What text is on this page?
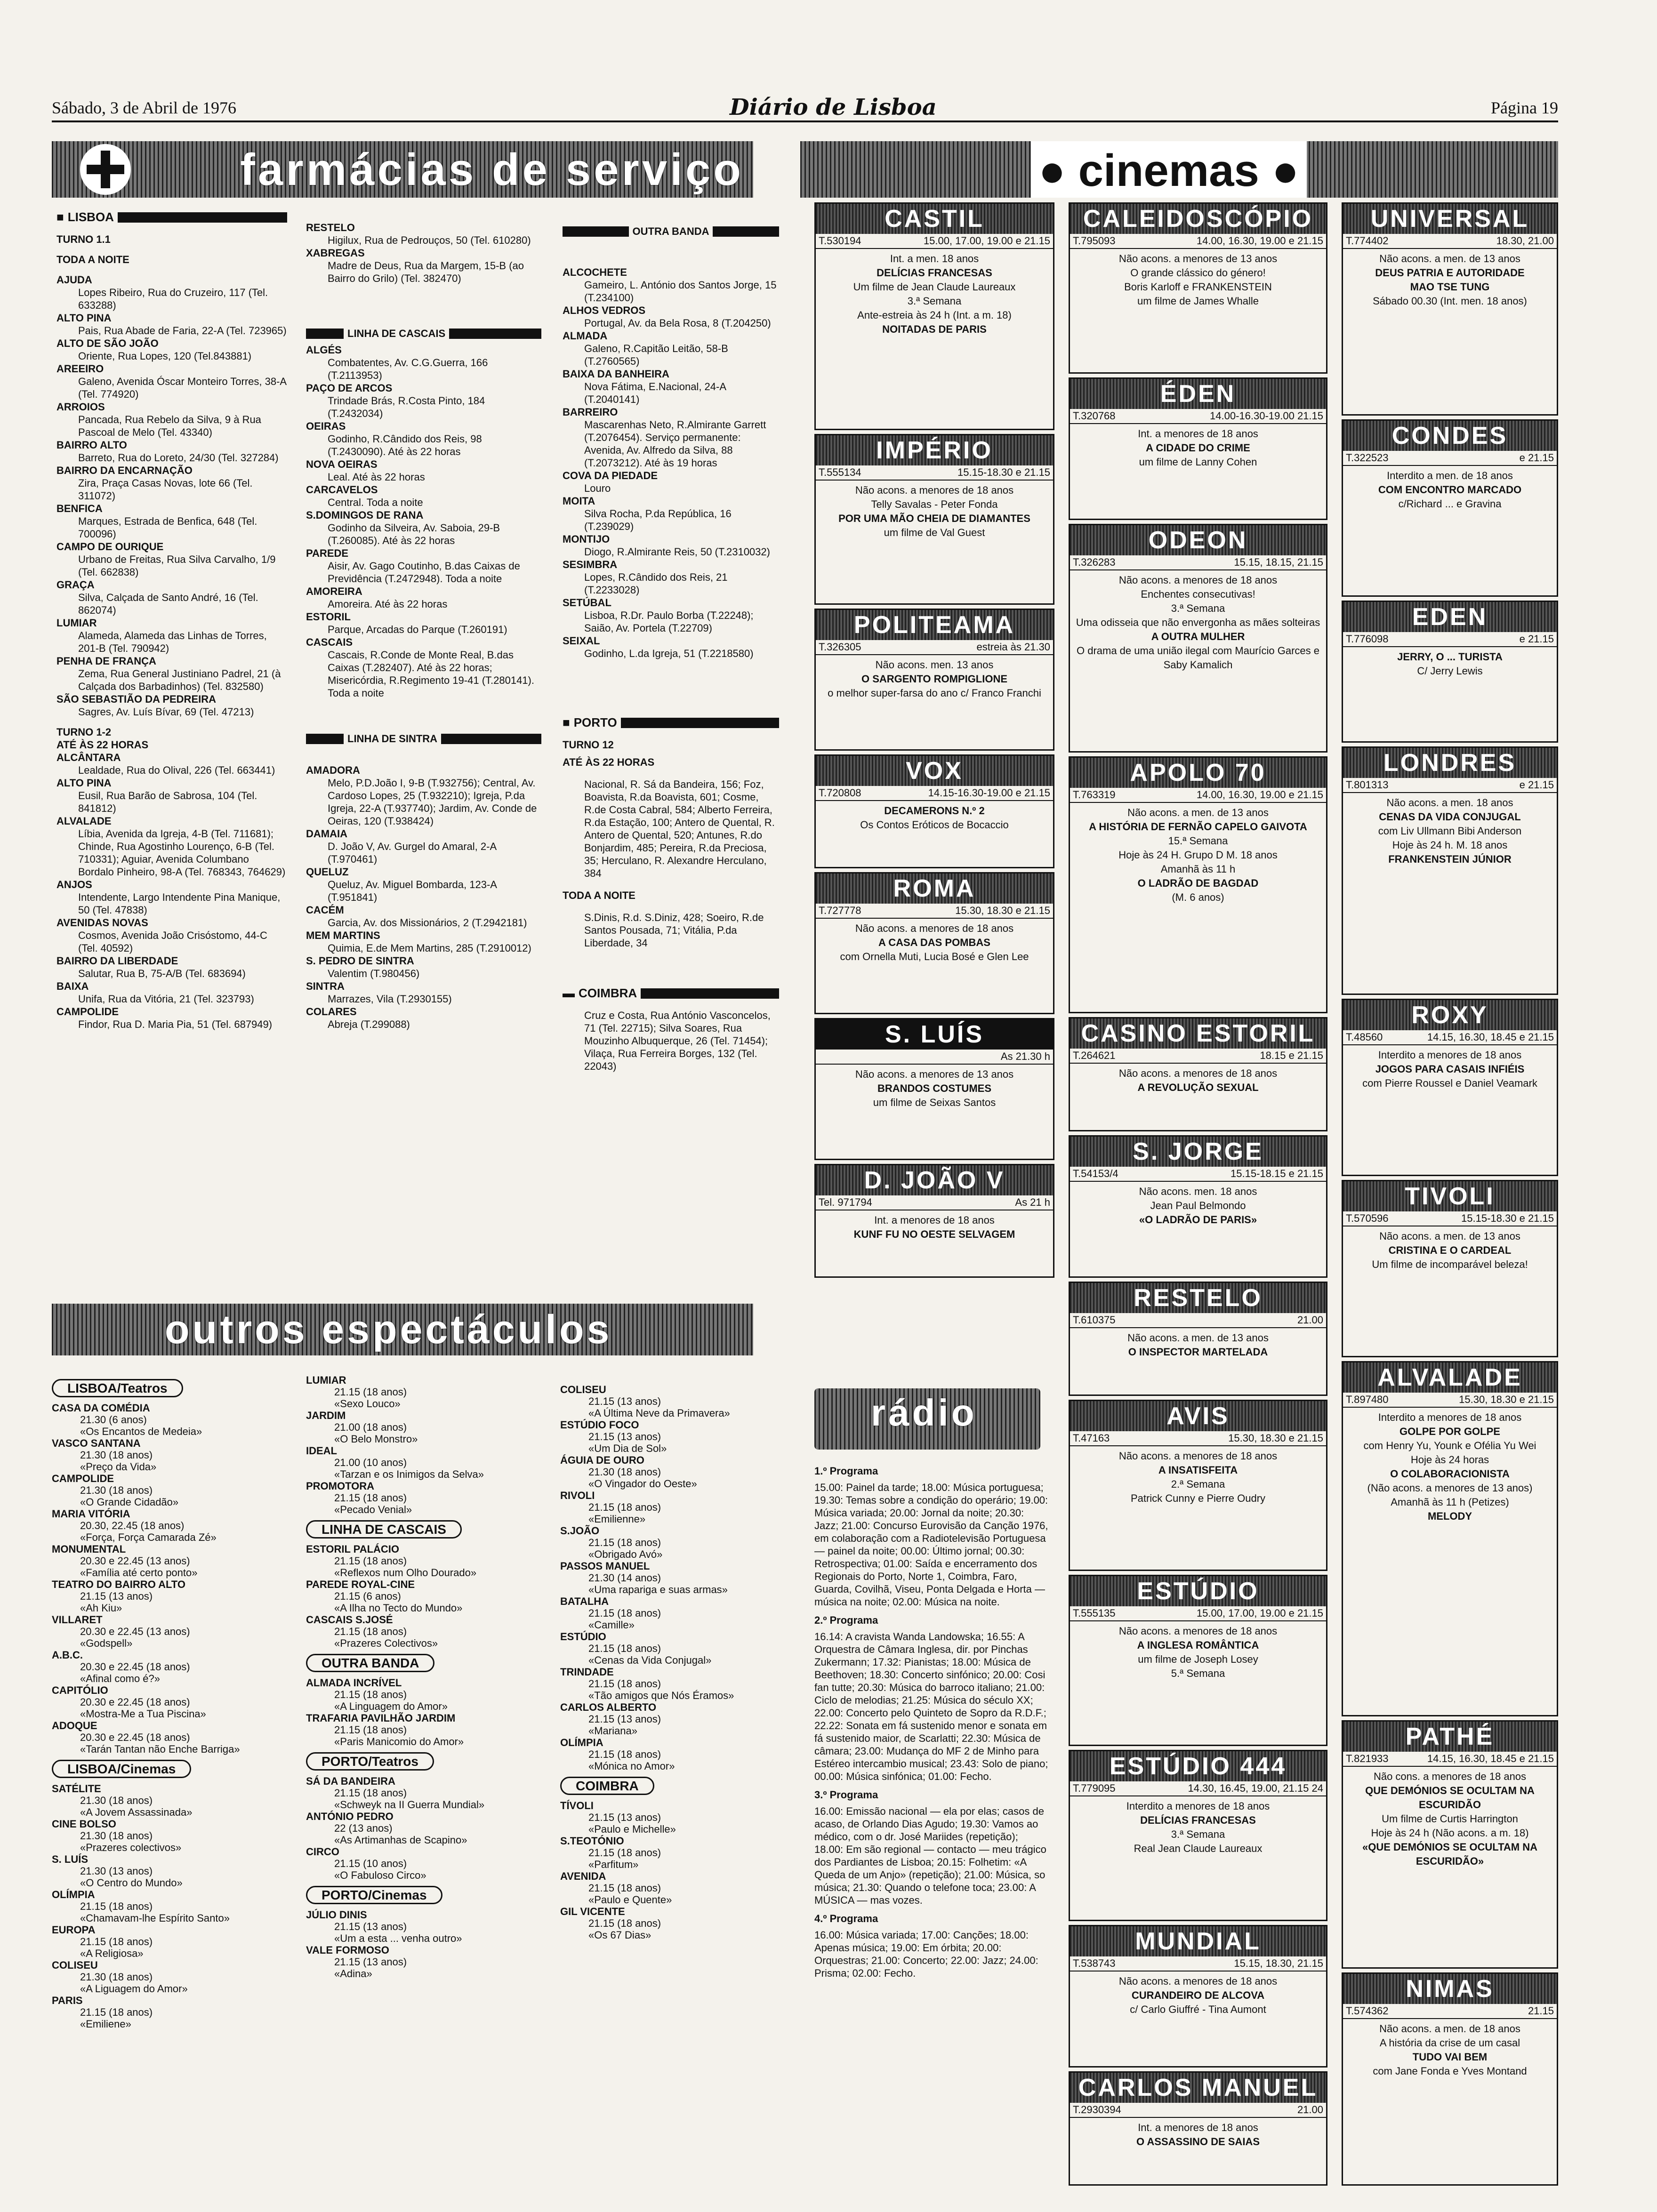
Sábado, 3 de Abril de 1976	Diário de Lisboa	Página 19
farmácias de serviço	● cinemas ●
■ LISBOA

TURNO 1.1

TODA A NOITE

AJUDA

Lopes Ribeiro, Rua do Cruzeiro, 117 (Tel. 633288)

ALTO PINA

Pais, Rua Abade de Faria, 22-A (Tel. 723965)

ALTO DE SÃO JOÃO

Oriente, Rua Lopes, 120 (Tel.843881)

AREEIRO

Galeno, Avenida Óscar Monteiro Torres, 38-A (Tel. 774920)

ARROIOS

Pancada, Rua Rebelo da Silva, 9 à Rua Pascoal de Melo (Tel. 43340)

BAIRRO ALTO

Barreto, Rua do Loreto, 24/30 (Tel. 327284)

BAIRRO DA ENCARNAÇÃO

Zira, Praça Casas Novas, lote 66 (Tel. 311072)

BENFICA

Marques, Estrada de Benfica, 648 (Tel. 700096)

CAMPO DE OURIQUE

Urbano de Freitas, Rua Silva Carvalho, 1/9 (Tel. 662838)

GRAÇA

Silva, Calçada de Santo André, 16 (Tel. 862074)

LUMIAR

Alameda, Alameda das Linhas de Torres, 201-B (Tel. 790942)

PENHA DE FRANÇA

Zema, Rua General Justiniano Padrel, 21 (à Calçada dos Barbadinhos) (Tel. 832580)

SÃO SEBASTIÃO DA PEDREIRA

Sagres, Av. Luís Bívar, 69 (Tel. 47213)

TURNO 1-2

ATÉ ÀS 22 HORAS

ALCÂNTARA

Lealdade, Rua do Olival, 226 (Tel. 663441)

ALTO PINA

Eusil, Rua Barão de Sabrosa, 104 (Tel. 841812)

ALVALADE

Líbia, Avenida da Igreja, 4-B (Tel. 711681); Chinde, Rua Agostinho Lourenço, 6-B (Tel. 710331); Aguiar, Avenida Columbano Bordalo Pinheiro, 98-A (Tel. 768343, 764629)

ANJOS

Intendente, Largo Intendente Pina Manique, 50 (Tel. 47838)

AVENIDAS NOVAS

Cosmos, Avenida João Crisóstomo, 44-C (Tel. 40592)

BAIRRO DA LIBERDADE

Salutar, Rua B, 75-A/B (Tel. 683694)

BAIXA

Unifa, Rua da Vitória, 21 (Tel. 323793)

CAMPOLIDE

Findor, Rua D. Maria Pia, 51 (Tel. 687949)

RESTELO

Higilux, Rua de Pedrouços, 50 (Tel. 610280)

XABREGAS

Madre de Deus, Rua da Margem, 15-B (ao Bairro do Grilo) (Tel. 382470)

LINHA DE CASCAIS

ALGÉS

Combatentes, Av. C.G.Guerra, 166 (T.2113953)

PAÇO DE ARCOS

Trindade Brás, R.Costa Pinto, 184 (T.2432034)

OEIRAS

Godinho, R.Cândido dos Reis, 98 (T.2430090). Até às 22 horas

NOVA OEIRAS

Leal. Até às 22 horas

CARCAVELOS

Central. Toda a noite

S.DOMINGOS DE RANA

Godinho da Silveira, Av. Saboia, 29-B (T.260085). Até às 22 horas

PAREDE

Aisir, Av. Gago Coutinho, B.das Caixas de Previdência (T.2472948). Toda a noite

AMOREIRA

Amoreira. Até às 22 horas

ESTORIL

Parque, Arcadas do Parque (T.260191)

CASCAIS

Cascais, R.Conde de Monte Real, B.das Caixas (T.282407). Até às 22 horas; Misericórdia, R.Regimento 19-41 (T.280141). Toda a noite

LINHA DE SINTRA

AMADORA

Melo, P.D.João I, 9-B (T.932756); Central, Av. Cardoso Lopes, 25 (T.932210); Igreja, P.da Igreja, 22-A (T.937740); Jardim, Av. Conde de Oeiras, 120 (T.938424)

DAMAIA

D. João V, Av. Gurgel do Amaral, 2-A (T.970461)

QUELUZ

Queluz, Av. Miguel Bombarda, 123-A (T.951841)

CACÉM

Garcia, Av. dos Missionários, 2 (T.2942181)

MEM MARTINS

Quimia, E.de Mem Martins, 285 (T.2910012)

S. PEDRO DE SINTRA

Valentim (T.980456)

SINTRA

Marrazes, Vila (T.2930155)

COLARES

Abreja (T.299088)

OUTRA BANDA

ALCOCHETE

Gameiro, L. António dos Santos Jorge, 15 (T.234100)

ALHOS VEDROS

Portugal, Av. da Bela Rosa, 8 (T.204250)

ALMADA

Galeno, R.Capitão Leitão, 58-B (T.2760565)

BAIXA DA BANHEIRA

Nova Fátima, E.Nacional, 24-A (T.2040141)

BARREIRO

Mascarenhas Neto, R.Almirante Garrett (T.2076454). Serviço permanente: Avenida, Av. Alfredo da Silva, 88 (T.2073212). Até às 19 horas

COVA DA PIEDADE

Louro

MOITA

Silva Rocha, P.da República, 16 (T.239029)

MONTIJO

Diogo, R.Almirante Reis, 50 (T.2310032)

SESIMBRA

Lopes, R.Cândido dos Reis, 21 (T.2233028)

SETÚBAL

Lisboa, R.Dr. Paulo Borba (T.22248); Saião, Av. Portela (T.22709)

SEIXAL

Godinho, L.da Igreja, 51 (T.2218580)

■ PORTO

TURNO 12

ATÉ ÀS 22 HORAS

Nacional, R. Sá da Bandeira, 156; Foz, Boavista, R.da Boavista, 601; Cosme, R.de Costa Cabral, 584; Alberto Ferreira, R.da Estação, 100; Antero de Quental, R. Antero de Quental, 520; Antunes, R.do Bonjardim, 485; Pereira, R.da Preciosa, 35; Herculano, R. Alexandre Herculano, 384

TODA A NOITE

S.Dinis, R.d. S.Diniz, 428; Soeiro, R.de Santos Pousada, 71; Vitália, P.da Liberdade, 34

▬ COIMBRA

Cruz e Costa, Rua António Vasconcelos, 71 (Tel. 22715); Silva Soares, Rua Mouzinho Albuquerque, 26 (Tel. 71454); Vilaça, Rua Ferreira Borges, 132 (Tel. 22043)

outros espectáculos
LISBOA/Teatros

CASA DA COMÉDIA

21.30 (6 anos)

«Os Encantos de Medeia»

VASCO SANTANA

21.30 (18 anos)

«Preço da Vida»

CAMPOLIDE

21.30 (18 anos)

«O Grande Cidadão»

MARIA VITÓRIA

20.30, 22.45 (18 anos)

«Força, Força Camarada Zé»

MONUMENTAL

20.30 e 22.45 (13 anos)

«Família até certo ponto»

TEATRO DO BAIRRO ALTO

21.15 (13 anos)

«Ah Kiu»

VILLARET

20.30 e 22.45 (13 anos)

«Godspell»

A.B.C.

20.30 e 22.45 (18 anos)

«Afinal como é?»

CAPITÓLIO

20.30 e 22.45 (18 anos)

«Mostra-Me a Tua Piscina»

ADOQUE

20.30 e 22.45 (18 anos)

«Tarán Tantan não Enche Barriga»

LISBOA/Cinemas

SATÉLITE

21.30 (18 anos)

«A Jovem Assassinada»

CINE BOLSO

21.30 (18 anos)

«Prazeres colectivos»

S. LUÍS

21.30 (13 anos)

«O Centro do Mundo»

OLÍMPIA

21.15 (18 anos)

«Chamavam-lhe Espírito Santo»

EUROPA

21.15 (18 anos)

«A Religiosa»

COLISEU

21.30 (18 anos)

«A Liguagem do Amor»

PARIS

21.15 (18 anos)

«Emiliene»

LUMIAR

21.15 (18 anos)

«Sexo Louco»

JARDIM

21.00 (18 anos)

«O Belo Monstro»

IDEAL

21.00 (10 anos)

«Tarzan e os Inimigos da Selva»

PROMOTORA

21.15 (18 anos)

«Pecado Venial»

LINHA DE CASCAIS

ESTORIL PALÁCIO

21.15 (18 anos)

«Reflexos num Olho Dourado»

PAREDE ROYAL-CINE

21.15 (6 anos)

«A Ilha no Tecto do Mundo»

CASCAIS S.JOSÉ

21.15 (18 anos)

«Prazeres Colectivos»

OUTRA BANDA

ALMADA INCRÍVEL

21.15 (18 anos)

«A Linguagem do Amor»

TRAFARIA PAVILHÃO JARDIM

21.15 (18 anos)

«Paris Manicomio do Amor»

PORTO/Teatros

SÁ DA BANDEIRA

21.15 (18 anos)

«Schweyk na II Guerra Mundial»

ANTÓNIO PEDRO

22 (13 anos)

«As Artimanhas de Scapino»

CIRCO

21.15 (10 anos)

«O Fabuloso Circo»

PORTO/Cinemas

JÚLIO DINIS

21.15 (13 anos)

«Um a esta ... venha outro»

VALE FORMOSO

21.15 (13 anos)

«Adina»

COLISEU

21.15 (13 anos)

«A Última Neve da Primavera»

ESTÚDIO FOCO

21.15 (13 anos)

«Um Dia de Sol»

ÁGUIA DE OURO

21.30 (18 anos)

«O Vingador do Oeste»

RIVOLI

21.15 (18 anos)

«Emilienne»

S.JOÃO

21.15 (18 anos)

«Obrigado Avó»

PASSOS MANUEL

21.30 (14 anos)

«Uma rapariga e suas armas»

BATALHA

21.15 (18 anos)

«Camille»

ESTÚDIO

21.15 (18 anos)

«Cenas da Vida Conjugal»

TRINDADE

21.15 (18 anos)

«Tão amigos que Nós Éramos»

CARLOS ALBERTO

21.15 (13 anos)

«Mariana»

OLÍMPIA

21.15 (18 anos)

«Mónica no Amor»

COIMBRA

TÍVOLI

21.15 (13 anos)

«Paulo e Michelle»

S.TEOTÓNIO

21.15 (18 anos)

«Parfitum»

AVENIDA

21.15 (18 anos)

«Paulo e Quente»

GIL VICENTE

21.15 (18 anos)

«Os 67 Dias»

rádio

1.º Programa

15.00: Painel da tarde; 18.00: Música portuguesa; 19.30: Temas sobre a condição do operário; 19.00: Música variada; 20.00: Jornal da noite; 20.30: Jazz; 21.00: Concurso Eurovisão da Canção 1976, em colaboração com a Radiotelevisão Portuguesa — painel da noite; 00.00: Último jornal; 00.30: Retrospectiva; 01.00: Saída e encerramento dos Regionais do Porto, Norte 1, Coimbra, Faro, Guarda, Covilhã, Viseu, Ponta Delgada e Horta — música na noite; 02.00: Música na noite.

2.º Programa

16.14: A cravista Wanda Landowska; 16.55: A Orquestra de Câmara Inglesa, dir. por Pinchas Zukermann; 17.32: Pianistas; 18.00: Música de Beethoven; 18.30: Concerto sinfónico; 20.00: Cosi fan tutte; 20.30: Música do barroco italiano; 21.00: Ciclo de melodias; 21.25: Música do século XX; 22.00: Concerto pelo Quinteto de Sopro da R.D.F.; 22.22: Sonata em fá sustenido menor e sonata em fá sustenido maior, de Scarlatti; 22.30: Música de câmara; 23.00: Mudança do MF 2 de Minho para Estéreo intercambio musical; 23.43: Solo de piano; 00.00: Música sinfónica; 01.00: Fecho.

3.º Programa

16.00: Emissão nacional — ela por elas; casos de acaso, de Orlando Dias Agudo; 19.30: Vamos ao médico, com o dr. José Mariides (repetição); 18.00: Em são regional — contacto — meu trágico dos Pardiantes de Lisboa; 20.15: Folhetim: «A Queda de um Anjo» (repetição); 21.00: Música, so música; 21.30: Quando o telefone toca; 23.00: A MÚSICA — mas vozes.

4.º Programa

16.00: Música variada; 17.00: Canções; 18.00: Apenas música; 19.00: Em órbita; 20.00: Orquestras; 21.00: Concerto; 22.00: Jazz; 24.00: Prisma; 02.00: Fecho.

CASTIL
T.530194	15.00, 17.00, 19.00 e 21.15

Int. a men. 18 anos

DELÍCIAS FRANCESAS

Um filme de Jean Claude Laureaux

3.ª Semana

Ante-estreia às 24 h (Int. a m. 18)

NOITADAS DE PARIS

IMPÉRIO
T.555134	15.15-18.30 e 21.15

Não acons. a menores de 18 anos

Telly Savalas - Peter Fonda

POR UMA MÃO CHEIA DE DIAMANTES

um filme de Val Guest

POLITEAMA
T.326305	estreia às 21.30

Não acons. men. 13 anos

O SARGENTO ROMPIGLIONE

o melhor super-farsa do ano c/ Franco Franchi

VOX
T.720808	14.15-16.30-19.00 e 21.15

DECAMERONS N.º 2

Os Contos Eróticos de Bocaccio

ROMA
T.727778	15.30, 18.30 e 21.15

Não acons. a menores de 18 anos

A CASA DAS POMBAS

com Ornella Muti, Lucia Bosé e Glen Lee

S. LUÍS
As 21.30 h

Não acons. a menores de 13 anos

BRANDOS COSTUMES

um filme de Seixas Santos

D. JOÃO V
Tel. 971794	As 21 h

Int. a menores de 18 anos

KUNF FU NO OESTE SELVAGEM

CALEIDOSCÓPIO
T.795093	14.00, 16.30, 19.00 e 21.15

Não acons. a menores de 13 anos

O grande clássico do género!

Boris Karloff e FRANKENSTEIN

um filme de James Whalle

ÉDEN
T.320768	14.00-16.30-19.00 21.15

Int. a menores de 18 anos

A CIDADE DO CRIME

um filme de Lanny Cohen

ODEON
T.326283	15.15, 18.15, 21.15

Não acons. a menores de 18 anos

Enchentes consecutivas!

3.ª Semana

Uma odisseia que não envergonha as mães solteiras

A OUTRA MULHER

O drama de uma união ilegal com Maurício Garces e Saby Kamalich

APOLO 70
T.763319	14.00, 16.30, 19.00 e 21.15

Não acons. a men. de 13 anos

A HISTÓRIA DE FERNÃO CAPELO GAIVOTA

15.ª Semana

Hoje às 24 H. Grupo D M. 18 anos

Amanhã às 11 h

O LADRÃO DE BAGDAD

(M. 6 anos)

CASINO ESTORIL
T.264621	18.15 e 21.15

Não acons. a menores de 18 anos

A REVOLUÇÃO SEXUAL

S. JORGE
T.54153/4	15.15-18.15 e 21.15

Não acons. men. 18 anos

Jean Paul Belmondo

«O LADRÃO DE PARIS»

RESTELO
T.610375	21.00

Não acons. a men. de 13 anos

O INSPECTOR MARTELADA

AVIS
T.47163	15.30, 18.30 e 21.15

Não acons. a menores de 18 anos

A INSATISFEITA

2.ª Semana

Patrick Cunny e Pierre Oudry

ESTÚDIO
T.555135	15.00, 17.00, 19.00 e 21.15

Não acons. a menores de 18 anos

A INGLESA ROMÂNTICA

um filme de Joseph Losey

5.ª Semana

ESTÚDIO 444
T.779095	14.30, 16.45, 19.00, 21.15 24

Interdito a menores de 18 anos

DELÍCIAS FRANCESAS

3.ª Semana

Real Jean Claude Laureaux

MUNDIAL
T.538743	15.15, 18.30, 21.15

Não acons. a menores de 18 anos

CURANDEIRO DE ALCOVA

c/ Carlo Giuffré - Tina Aumont

CARLOS MANUEL
T.2930394	21.00

Int. a menores de 18 anos

O ASSASSINO DE SAIAS

UNIVERSAL
T.774402	18.30, 21.00

Não acons. a men. de 13 anos

DEUS PATRIA E AUTORIDADE

MAO TSE TUNG

Sábado 00.30 (Int. men. 18 anos)

CONDES
T.322523	e 21.15

Interdito a men. de 18 anos

COM ENCONTRO MARCADO

c/Richard ... e Gravina

EDEN
T.776098	e 21.15

JERRY, O ... TURISTA

C/ Jerry Lewis

LONDRES
T.801313	e 21.15

Não acons. a men. 18 anos

CENAS DA VIDA CONJUGAL

com Liv Ullmann Bibi Anderson

Hoje às 24 h. M. 18 anos

FRANKENSTEIN JÚNIOR

ROXY
T.48560	14.15, 16.30, 18.45 e 21.15

Interdito a menores de 18 anos

JOGOS PARA CASAIS INFIÉIS

com Pierre Roussel e Daniel Veamark

TIVOLI
T.570596	15.15-18.30 e 21.15

Não acons. a men. de 13 anos

CRISTINA E O CARDEAL

Um filme de incomparável beleza!

ALVALADE
T.897480	15.30, 18.30 e 21.15

Interdito a menores de 18 anos

GOLPE POR GOLPE

com Henry Yu, Younk e Ofélia Yu Wei

Hoje às 24 horas

O COLABORACIONISTA

(Não acons. a menores de 13 anos)

Amanhã às 11 h (Petizes)

MELODY

PATHÉ
T.821933	14.15, 16.30, 18.45 e 21.15

Não cons. a menores de 18 anos

QUE DEMÓNIOS SE OCULTAM NA ESCURIDÃO

Um filme de Curtis Harrington

Hoje às 24 h (Não acons. a m. 18)

«QUE DEMÓNIOS SE OCULTAM NA ESCURIDÃO»

NIMAS
T.574362	21.15

Não acons. a men. de 18 anos

A história da crise de um casal

TUDO VAI BEM

com Jane Fonda e Yves Montand
